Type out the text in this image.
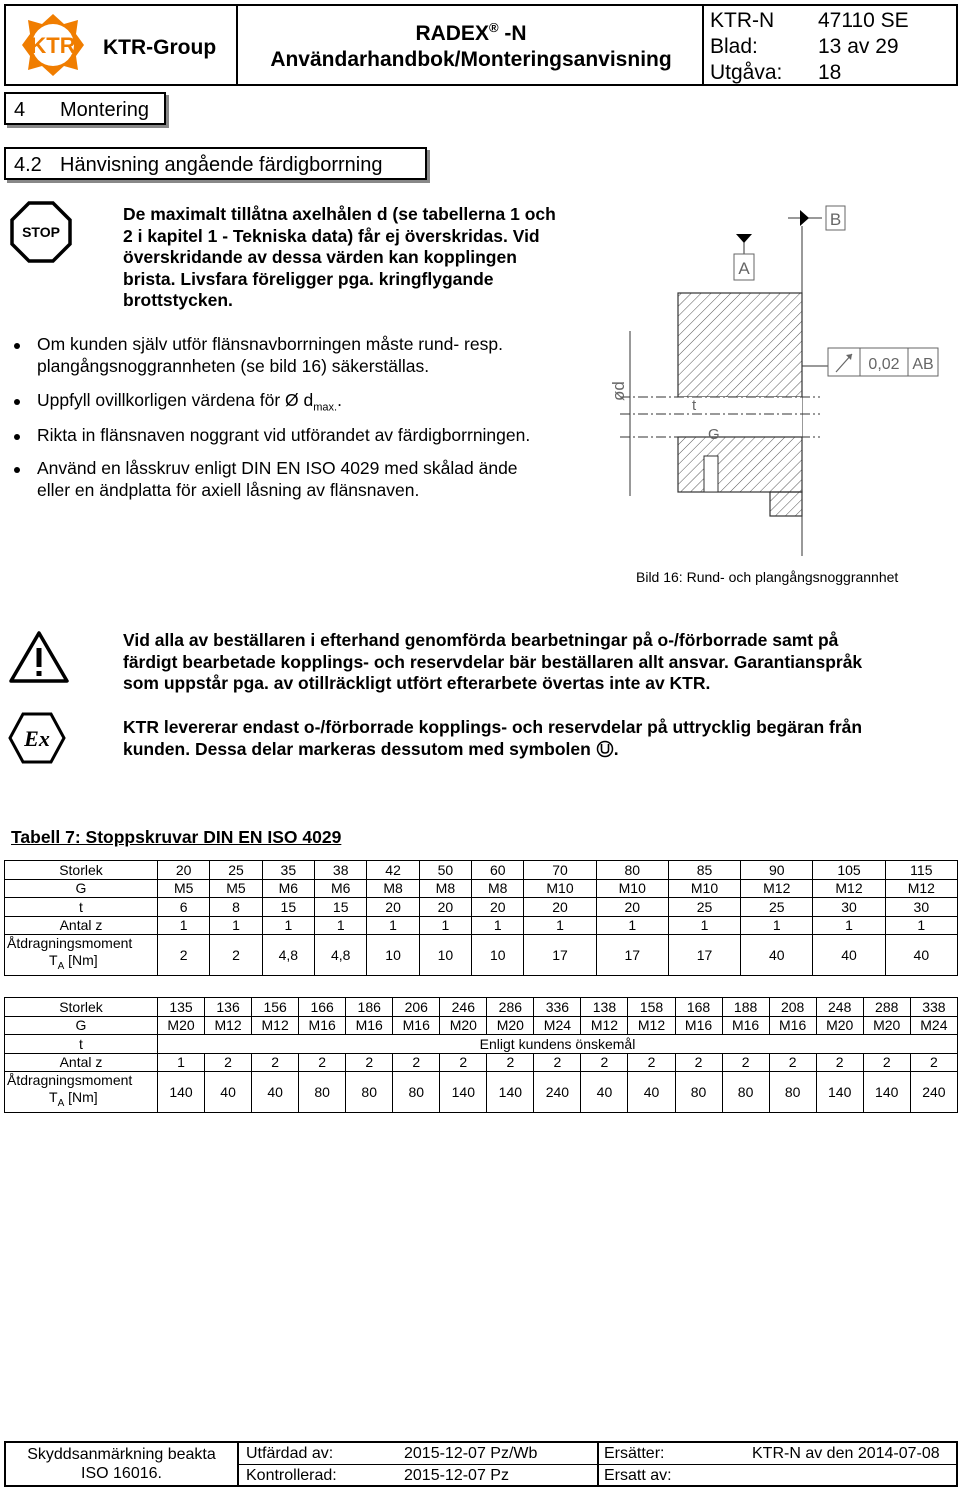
KTR KTR-Group
RADEX® -N
Användarhandbok/Monteringsanvisning
KTR-N 47110 SE
Blad:	13 av 29
Utgåva: 18
4 Montering
4.2 Hänvisning angående färdigborrning
STOP
De maximalt tillåtna axelhålen d (se tabellerna 1 och
2 i kapitel 1 - Tekniska data) får ej överskridas. Vid
överskridande av dessa värden kan kopplingen
brista. Livsfara föreligger pga. kringflygande
brottstycken.
Om kunden själv utför flänsnavborrningen måste rund- resp.
plangångsnoggrannheten (se bild 16) säkerställas.
Uppfyll ovillkorligen värdena för Ø $d_{max.}$.
Rikta in flänsnaven noggrant vid utförandet av färdigborrningen.
Använd en låsskruv enligt DIN EN ISO 4029 med skålad ände
eller en ändplatta för axiell låsning av flänsnaven.
B
A
ød
t
G
0,02 AB
Bild 16: Rund- och plangångsnoggrannhet
Vid alla av beställaren i efterhand genomförda bearbetningar på o-/förborrade samt på
färdigt bearbetade kopplings- och reservdelar bär beställaren allt ansvar. Garantianspråk
som uppstår pga. av otillräckligt utfört efterarbete övertas inte av KTR.
Ex	KTR levererar endast o-/förborrade kopplings- och reservdelar på uttrycklig begäran från
kunden. Dessa delar markeras dessutom med symbolen .
Tabell 7: Stoppskruvar DIN EN ISO 4029
Storlek	20	25	35	38	42	50	60	70	80	85	90	105	115
G	M5	M5	M6	M6	M8	M8	M8	M10	M10	M10	M12	M12	M12
t	6	8	15	15	20	20	20	20	20	25	25	30	30
Antal z	1	1	1	1	1	1	1	1	1	1	1	1	1

Åtdragningsmoment
$T_A$ [Nm]	2	2	4,8	4,8	10	10	10	17	17	17	40	40	40
Storlek	135	136	156	166	186	206	246	286	336	138	158	168	188	208	248	288	338
G	M20	M12	M12	M16	M16	M16	M20	M20	M24	M12	M12	M16	M16	M16	M20	M20	M24
t	Enligt kundens önskemål																
Antal z	1	2	2	2	2	2	2	2	2	2	2	2	2	2	2	2	2

Åtdragningsmoment
$T_A$ [Nm]	140	40	40	80	80	80	140	140	240	40	40	80	80	80	140	140	240
Skyddsanmärkning beakta
ISO 16016.
Utfärdad av:	2015-12-07 Pz/Wb
Kontrollerad:	2015-12-07 Pz
Ersätter:	KTR-N av den 2014-07-08
Ersatt av:
